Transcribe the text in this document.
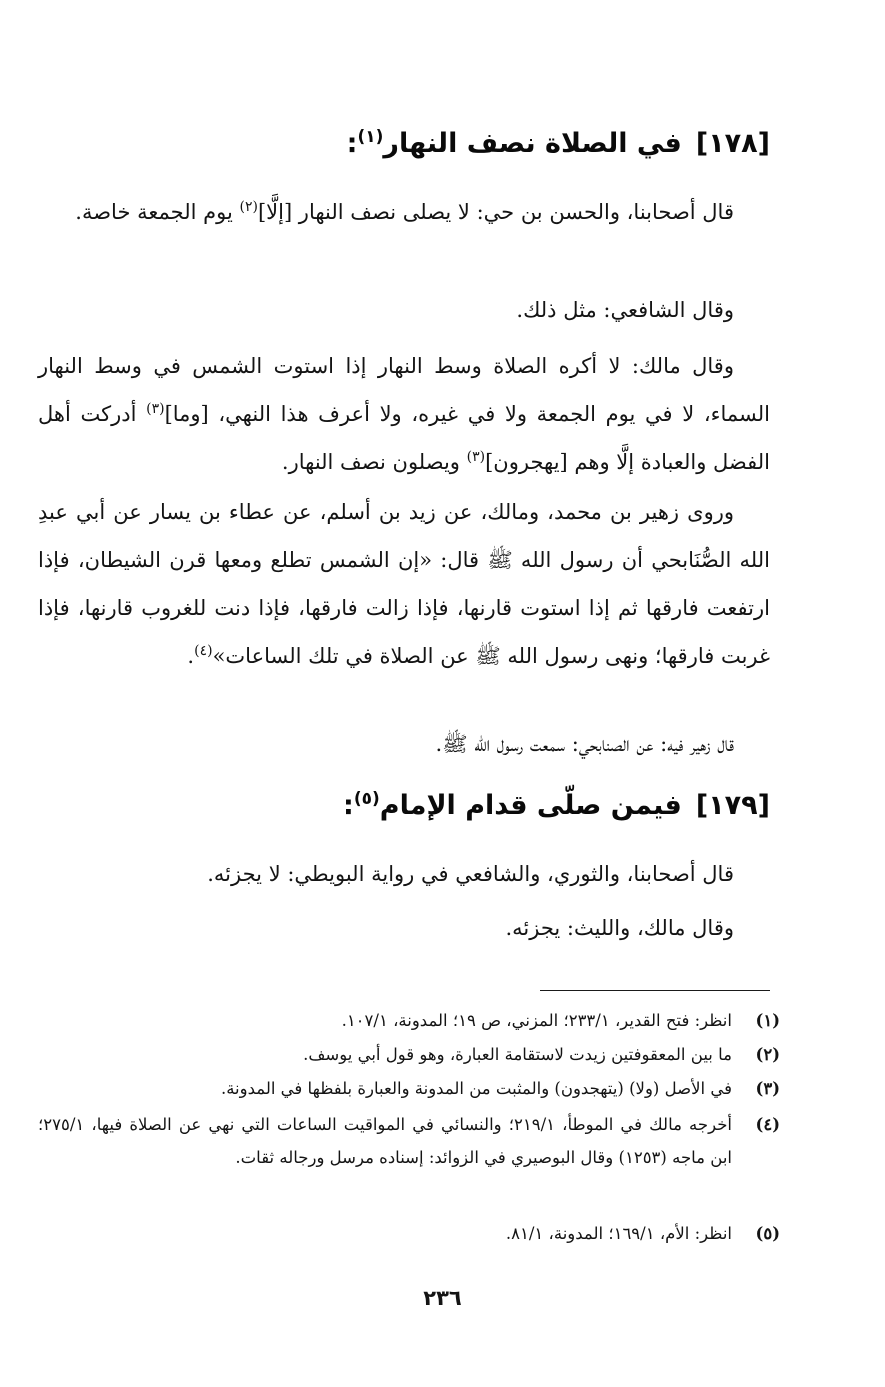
[١٧٨]في الصلاة نصف النهار$^{(١)}$:
قال أصحابنا، والحسن بن حي: لا يصلى نصف النهار [إلَّا]$^{(٢)}$ يوم الجمعة خاصة.
وقال الشافعي: مثل ذلك.
وقال مالك: لا أكره الصلاة وسط النهار إذا استوت الشمس في وسط النهار السماء، لا في يوم الجمعة ولا في غيره، ولا أعرف هذا النهي، [وما]$^{(٣)}$ أدركت أهل الفضل والعبادة إلَّا وهم [يهجرون]$^{(٣)}$ ويصلون نصف النهار.
وروى زهير بن محمد، ومالك، عن زيد بن أسلم، عن عطاء بن يسار عن أبي عبدِ الله الصُّنَابحي أن رسول الله ﷺ قال: «إن الشمس تطلع ومعها قرن الشيطان، فإذا ارتفعت فارقها ثم إذا استوت قارنها، فإذا زالت فارقها، فإذا دنت للغروب قارنها، فإذا غربت فارقها؛ ونهى رسول الله ﷺ عن الصلاة في تلك الساعات»$^{(٤)}$.
قال زهير فيه: عن الصنابحي: سمعت رسول الله ﷺ.
[١٧٩]فيمن صلّى قدام الإمام$^{(٥)}$:
قال أصحابنا، والثوري، والشافعي في رواية البويطي: لا يجزئه.
وقال مالك، والليث: يجزئه.
(١)
انظر: فتح القدير، ٢٣٣/١؛ المزني، ص ١٩؛ المدونة، ١٠٧/١.
(٢)
ما بين المعقوفتين زيدت لاستقامة العبارة، وهو قول أبي يوسف.
(٣)
في الأصل (ولا) (يتهجدون) والمثبت من المدونة والعبارة بلفظها في المدونة.
(٤)
أخرجه مالك في الموطأ، ٢١٩/١؛ والنسائي في المواقيت الساعات التي نهي عن الصلاة فيها، ٢٧٥/١؛ ابن ماجه (١٢٥٣) وقال البوصيري في الزوائد: إسناده مرسل ورجاله ثقات.
(٥)
انظر: الأم، ١٦٩/١؛ المدونة، ٨١/١.
٢٣٦
